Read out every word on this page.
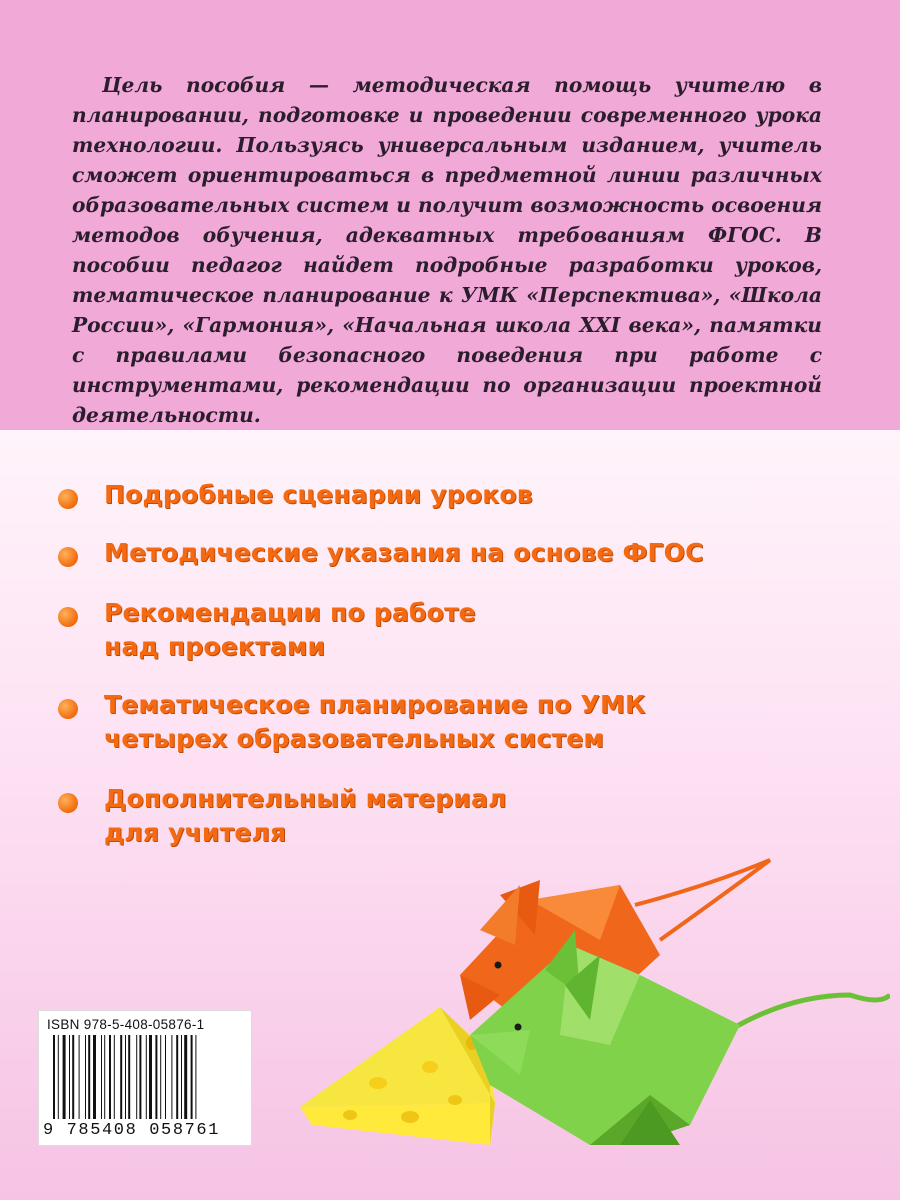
Цель пособия — методическая помощь учителю в планировании, подготовке и проведении современного урока технологии. Пользуясь универсальным изданием, учитель сможет ориентироваться в предметной линии различных образовательных систем и получит возможность освоения методов обучения, адекватных требованиям ФГОС. В пособии педагог найдет подробные разработки уроков, тематическое планирование к УМК «Перспектива», «Школа России», «Гармония», «Начальная школа XXI века», памятки с правилами безопасного поведения при работе с инструментами, рекомендации по организации проектной деятельности.

Подробные сценарии уроков
Методические указания на основе ФГОС
Рекомендации по работе
над проектами
Тематическое планирование по УМК
четырех образовательных систем
Дополнительный материал
для учителя
ISBN 978-5-408-05876-1
9 785408 058761
